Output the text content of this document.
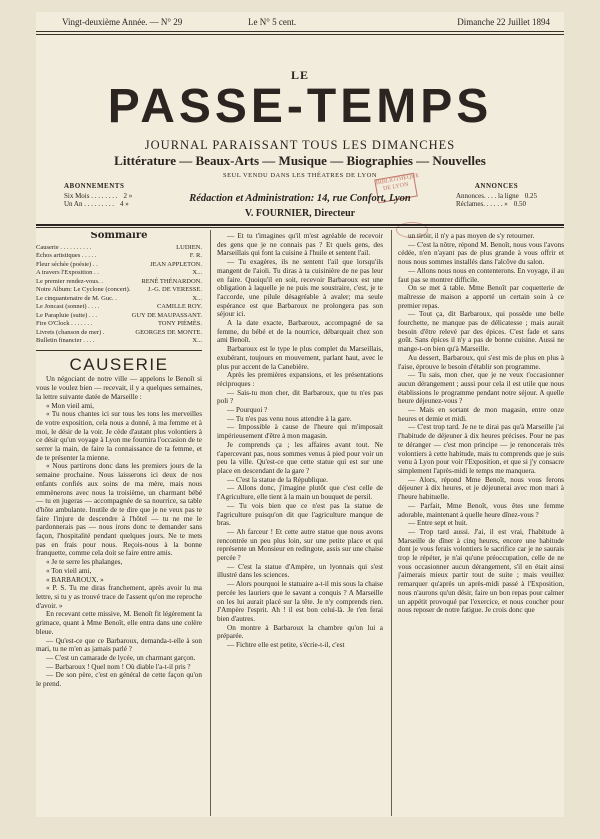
Vingt-deuxième Année. — N° 29	Le N° 5 cent.	Dimanche 22 Juillet 1894
LE
PASSE-TEMPS
JOURNAL PARAISSANT TOUS LES DIMANCHES
Littérature — Beaux-Arts — Musique — Biographies — Nouvelles
SEUL VENDU DANS LES THÉATRES DE LYON
ABONNEMENTS
Six Mois . . . . . . . . 2 »
Un An . . . . . . . . . 4 »
ANNONCES
Annonces. . . . la ligne 0.25
Réclames. . . . . . » 0.50
BIBLIOTHÈQUE DE LYON
Rédaction et Administration: 14, rue Confort, Lyon
V. FOURNIER, Directeur
Sommaire
Causerie . . . . . . . . . .	LUDIEN.
Échos artistiques . . . . .	F. R.
Fleur séchée (poésie) . .	JEAN APPLETON.
A travers l'Exposition . .	X...
Le premier rendez-vous. .	RENÉ THÉNARDON.
Notre Album: Le Cyclone (concert).	J.-G. DE VERESSE.
Le cinquantenaire de M. Guc. .	X...
Le Joncast (sonnet) . . . .	CAMILLE ROY.
Le Parapluie (suite) . . .	GUY DE MAUPASSANT.
Fire O'Clock . . . . . . .	TONY PIÉMÈS.
Livrets (chanson de mer) .	GEORGES DE MONTE.
Bulletin financier . . . .	X...
CAUSERIE

Un négociant de notre ville — appelons le Benoît si vous le voulez bien — recevait, il y a quelques semaines, la lettre suivante datée de Marseille :

« Mon vieil ami,

« Tu nous chantes ici sur tous les tons les merveilles de votre exposition, cela nous a donné, à ma femme et à moi, le désir de la voir. Je cède d'autant plus volontiers à ce désir qu'un voyage à Lyon me fournira l'occasion de te serrer la main, de faire la connaissance de ta femme, et de te présenter la mienne.

« Nous partirons donc dans les premiers jours de la semaine prochaine. Nous laisserons ici deux de nos enfants confiés aux soins de ma mère, mais nous emmènerons avec nous la troisième, un charmant bébé — tu en jugeras — accompagnée de sa nourrice, sa table d'hôte ambulante. Inutile de te dire que je ne veux pas te faire l'injure de descendre à l'hôtel — tu ne me le pardonnerais pas — nous irons donc te demander sans façon, l'hospitalité pendant quelques jours. Ne te mets pas en frais pour nous. Reçois-nous à la bonne franquette, comme cela doit se faire entre amis.

« Je te serre les phalanges,

« Ton vieil ami,

« BARBAROUX. »

« P. S. Tu me diras franchement, après avoir lu ma lettre, si tu y as trouvé trace de l'assent qu'on me reproche d'avoir. »

En recevant cette missive, M. Benoît fit légèrement la grimace, quant à Mme Benoît, elle entra dans une colère bleue.

— Qu'est-ce que ce Barbaroux, demanda-t-elle à son mari, tu ne m'en as jamais parlé ?

— C'est un camarade de lycée, un charmant garçon.

— Barbaroux ! Quel nom ! Où diable l'a-t-il pris ?

— De son père, c'est en général de cette façon qu'on le prend.

— Et tu t'imagines qu'il m'est agréable de recevoir des gens que je ne connais pas ? Et quels gens, des Marseillais qui font la cuisine à l'huile et sentent l'ail.

— Tu exagères, ils ne sentent l'ail que lorsqu'ils mangent de l'aioli. Tu diras à ta cuisinière de ne pas leur en faire. Quoiqu'il en soit, recevoir Barbaroux est une obligation à laquelle je ne puis me soustraire, c'est, je te l'accorde, une pilule désagréable à avaler; ma seule espérance est que Barbaroux ne prolongera pas son séjour ici.

A la date exacte, Barbaroux, accompagné de sa femme, du bébé et de la nourrice, débarquait chez son ami Benoît.

Barbaroux est le type le plus complet du Marseillais, exubérant, toujours en mouvement, parlant haut, avec le plus pur accent de la Canebière.

Après les premières expansions, et les présentations réciproques :

— Sais-tu mon cher, dit Barbaroux, que tu n'es pas poli ?

— Pourquoi ?

— Tu n'es pas venu nous attendre à la gare.

— Impossible à cause de l'heure qui m'imposait impérieusement d'être à mon magasin.

Je comprends ça ; les affaires avant tout. Ne t'apercevant pas, nous sommes venus à pied pour voir un peu la ville. Qu'est-ce que cette statue qui est sur une place en descendant de la gare ?

— C'est la statue de la République.

— Allons donc, j'imagine plutôt que c'est celle de l'Agriculture, elle tient à la main un bouquet de persil.

— Tu vois bien que ce n'est pas la statue de l'agriculture puisqu'on dit que l'agriculture manque de bras.

— Ah farceur ! Et cette autre statue que nous avons rencontrée un peu plus loin, sur une petite place et qui représente un Monsieur en redingote, assis sur une chaise percée ?

— C'est la statue d'Ampère, un lyonnais qui s'est illustré dans les sciences.

— Alors pourquoi le statuaire a-t-il mis sous la chaise percée les lauriers que le savant a conquis ? A Marseille on les lui aurait placé sur la tête. Je n'y comprends rien. J'Ampère l'esprit. Ah ! il est bon celui-là. Je t'en ferai bien d'autres.

On montre à Barbaroux la chambre qu'on lui a préparée.

— Fichtre elle est petite, s'écrie-t-il, c'est

un tiroir, il n'y a pas moyen de s'y retourner.

— C'est la nôtre, répond M. Benoît, nous vous l'avons cédée, n'en n'ayant pas de plus grande à vous offrir et nous nous sommes installés dans l'alcôve du salon.

— Allons nous nous en contenterons. En voyage, il au faut pas se montrer difficile.

On se met à table. Mme Benoît par coquetterie de maîtresse de maison a apporté un certain soin à ce premier repas.

— Tout ça, dit Barbaroux, qui possède une belle fourchette, ne manque pas de délicatesse ; mais aurait besoin d'être relevé par des épices. C'est fade et sans goût. Sans épices il n'y a pas de bonne cuisine. Aussi ne mange-t-on bien qu'à Marseille.

Au dessert, Barbaroux, qui s'est mis de plus en plus à l'aise, éprouve le besoin d'établir son programme.

— Tu sais, mon cher, que je ne veux t'occasionner aucun dérangement ; aussi pour cela il est utile que nous établissions le programme pendant notre séjour. A quelle heure déjeunez-vous ?

— Mais en sortant de mon magasin, entre onze heures et demie et midi.

— C'est trop tard. Je ne te dirai pas qu'à Marseille j'ai l'habitude de déjeuner à dix heures précises. Pour ne pas te déranger — c'est mon principe — je renoncerais très volontiers à cette habitude, mais tu comprends que je suis venu à Lyon pour voir l'Exposition, et que si j'y consacre simplement l'après-midi le temps me manquera.

— Alors, répond Mme Benoît, nous vous ferons déjeuner à dix heures, et je déjeunerai avec mon mari à l'heure habituelle.

— Parfait, Mme Benoît, vous êtes une femme adorable, maintenant à quelle heure dînez-vous ?

— Entre sept et huit.

— Trop tard aussi. J'ai, il est vrai, l'habitude à Marseille de dîner à cinq heures, encore une habitude dont je vous ferais volontiers le sacrifice car je ne saurais trop le répéter, je n'ai qu'une préoccupation, celle de ne vous occasionner aucun dérangement, s'il en était ainsi j'aimerais mieux partir tout de suite ; mais veuillez remarquer qu'après un après-midi passé à l'Exposition, nous n'aurons qu'un désir, faire un bon repas pour calmer un appétit provoqué par l'exercice, et nous coucher pour nous reposer de notre fatigue. Je crois donc que
